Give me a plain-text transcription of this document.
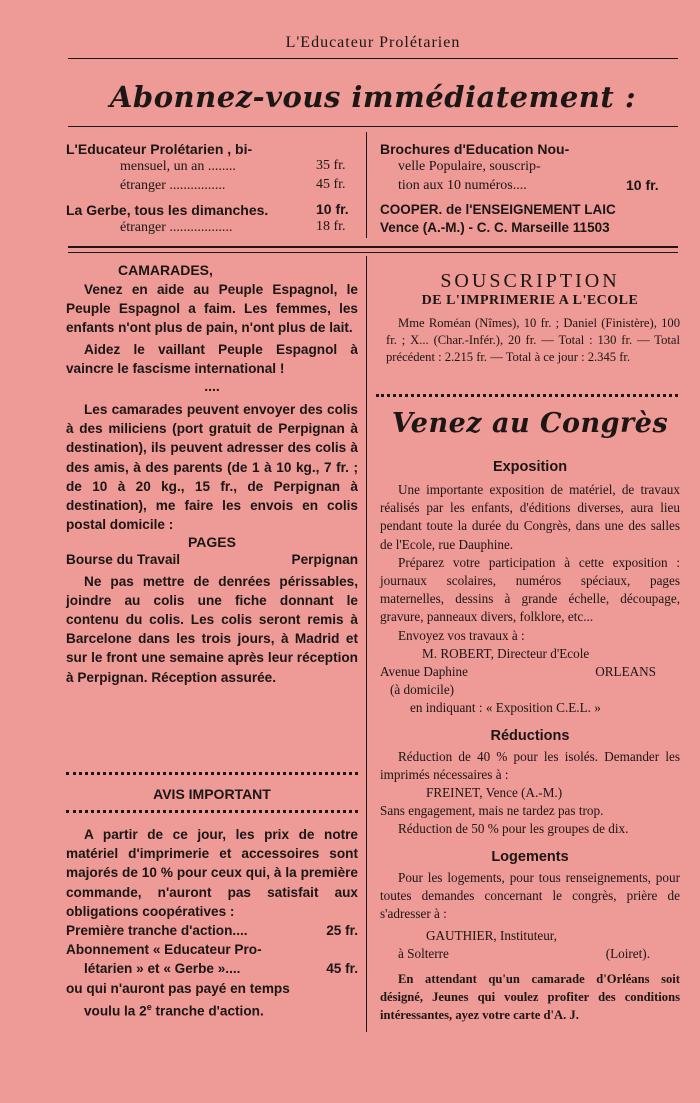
L'Educateur Prolétarien
Abonnez-vous immédiatement :
L'Educateur Prolétarien , bi-
mensuel, un an ........	35 fr.
étranger ................	45 fr.
La Gerbe, tous les dimanches.	10 fr.
étranger ..................	18 fr.
Brochures d'Education Nou-
velle Populaire, souscrip-
tion aux 10 numéros....	10 fr.
COOPER. de l'ENSEIGNEMENT LAIC
Vence (A.-M.) - C. C. Marseille 11503
CAMARADES,

Venez en aide au Peuple Espagnol, le Peuple Espagnol a faim. Les femmes, les enfants n'ont plus de pain, n'ont plus de lait.

Aidez le vaillant Peuple Espagnol à vaincre le fascisme international !

....

Les camarades peuvent envoyer des colis à des miliciens (port gratuit de Perpignan à destination), ils peuvent adresser des colis à des amis, à des parents (de 1 à 10 kg., 7 fr. ; de 10 à 20 kg., 15 fr., de Perpignan à destination), me faire les envois en colis postal domicile :

PAGES
Bourse du Travail	Perpignan

Ne pas mettre de denrées périssables, joindre au colis une fiche donnant le contenu du colis. Les colis seront remis à Barcelone dans les trois jours, à Madrid et sur le front une semaine après leur réception à Perpignan. Réception assurée.

AVIS IMPORTANT

A partir de ce jour, les prix de notre matériel d'imprimerie et accessoires sont majorés de 10 % pour ceux qui, à la première commande, n'auront pas satisfait aux obligations coopératives :

Première tranche d'action....	25 fr.
Abonnement « Educateur Pro-
létarien » et « Gerbe »....	45 fr.
ou qui n'auront pas payé en temps
voulu la 2e tranche d'action.
SOUSCRIPTION
DE L'IMPRIMERIE A L'ECOLE

Mme Roméan (Nîmes), 10 fr. ; Daniel (Finistère), 100 fr. ; X... (Char.-Infér.), 20 fr. — Total : 130 fr. — Total précédent : 2.215 fr. — Total à ce jour : 2.345 fr.

Venez au Congrès
Exposition

Une importante exposition de matériel, de travaux réalisés par les enfants, d'éditions diverses, aura lieu pendant toute la durée du Congrès, dans une des salles de l'Ecole, rue Dauphine.

Préparez votre participation à cette exposition : journaux scolaires, numéros spéciaux, pages maternelles, dessins à grande échelle, découpage, gravure, panneaux divers, folklore, etc...

Envoyez vos travaux à :

M. ROBERT, Directeur d'Ecole
Avenue Daphine	ORLEANS
(à domicile)
en indiquant : « Exposition C.E.L. »
Réductions

Réduction de 40 % pour les isolés. Demander les imprimés nécessaires à :

FREINET, Vence (A.-M.)

Sans engagement, mais ne tardez pas trop.

Réduction de 50 % pour les groupes de dix.

Logements

Pour les logements, pour tous renseignements, pour toutes demandes concernant le congrès, prière de s'adresser à :

GAUTHIER, Instituteur,
à Solterre	(Loiret).

En attendant qu'un camarade d'Orléans soit désigné, Jeunes qui voulez profiter des conditions intéressantes, ayez votre carte d'A. J.
